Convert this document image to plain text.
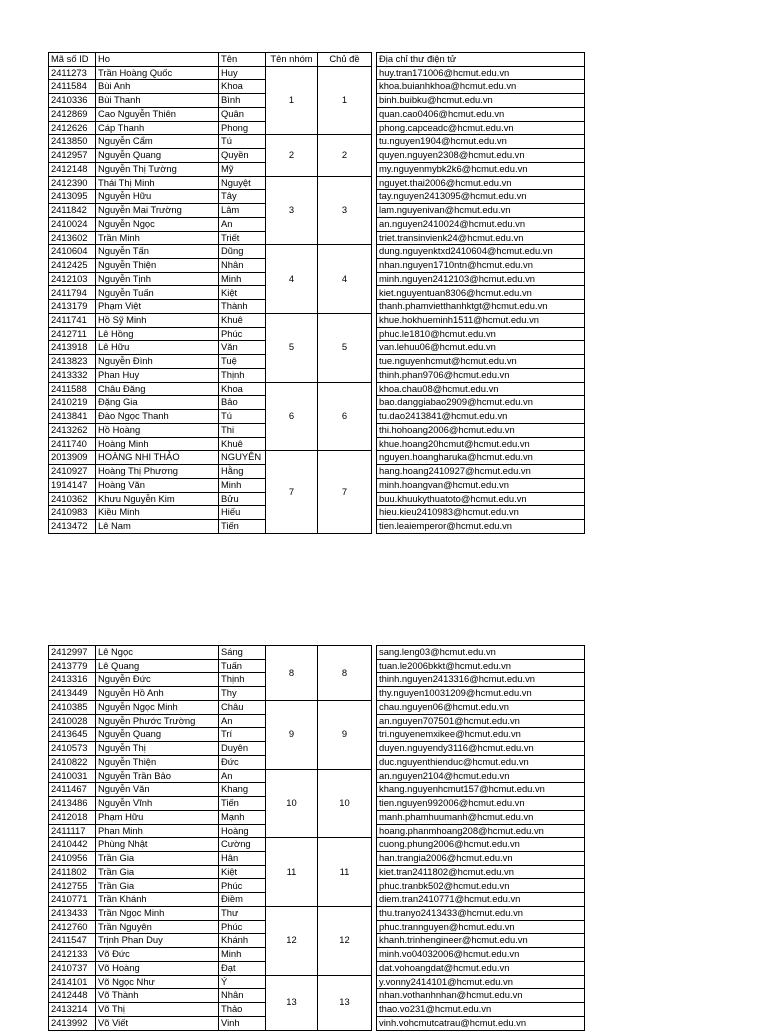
Mã số ID	Ho	Tên	Tên nhóm	Chủ đề		Địa chỉ thư điện tử
2411273	Trần Hoàng Quốc	Huy	1	1		huy.tran171006@hcmut.edu.vn
2411584	Bùi Anh	Khoa				khoa.buianhkhoa@hcmut.edu.vn
2410336	Bùi Thanh	Bình				binh.buibku@hcmut.edu.vn
2412869	Cao Nguyễn Thiên	Quân				quan.cao0406@hcmut.edu.vn
2412626	Cáp Thanh	Phong				phong.capceadc@hcmut.edu.vn
2413850	Nguyễn Cẩm	Tú	2	2		tu.nguyen1904@hcmut.edu.vn
2412957	Nguyễn Quang	Quyền				quyen.nguyen2308@hcmut.edu.vn
2412148	Nguyễn Thị Tường	Mỹ				my.nguyenmybk2k6@hcmut.edu.vn
2412390	Thái Thị Minh	Nguyệt	3	3		nguyet.thai2006@hcmut.edu.vn
2413095	Nguyễn Hữu	Tây				tay.nguyen2413095@hcmut.edu.vn
2411842	Nguyễn Mai Trường	Lâm				lam.nguyenivan@hcmut.edu.vn
2410024	Nguyễn Ngọc	An				an.nguyen2410024@hcmut.edu.vn
2413602	Trần Minh	Triết				triet.transinvienk24@hcmut.edu.vn
2410604	Nguyễn Tấn	Dũng	4	4		dung.nguyenktxd2410604@hcmut.edu.vn
2412425	Nguyễn Thiện	Nhân				nhan.nguyen1710ntn@hcmut.edu.vn
2412103	Nguyễn Tịnh	Minh				minh.nguyen2412103@hcmut.edu.vn
2411794	Nguyễn Tuấn	Kiệt				kiet.nguyentuan8306@hcmut.edu.vn
2413179	Phạm Việt	Thành				thanh.phamvietthanhktgt@hcmut.edu.vn
2411741	Hồ Sỹ Minh	Khuê	5	5		khue.hokhueminh1511@hcmut.edu.vn
2412711	Lê Hồng	Phúc				phuc.le1810@hcmut.edu.vn
2413918	Lê Hữu	Văn				van.lehuu06@hcmut.edu.vn
2413823	Nguyễn Đình	Tuệ				tue.nguyenhcmut@hcmut.edu.vn
2413332	Phan Huy	Thịnh				thinh.phan9706@hcmut.edu.vn
2411588	Châu Đăng	Khoa	6	6		khoa.chau08@hcmut.edu.vn
2410219	Đặng Gia	Bảo				bao.danggiabao2909@hcmut.edu.vn
2413841	Đào Ngọc Thanh	Tú				tu.dao2413841@hcmut.edu.vn
2413262	Hồ Hoàng	Thi				thi.hohoang2006@hcmut.edu.vn
2411740	Hoàng Minh	Khuê				khue.hoang20hcmut@hcmut.edu.vn
2013909	HOÀNG NHI THẢO	NGUYÊN	7	7		nguyen.hoangharuka@hcmut.edu.vn
2410927	Hoàng Thị Phương	Hằng				hang.hoang2410927@hcmut.edu.vn
1914147	Hoàng Văn	Minh				minh.hoangvan@hcmut.edu.vn
2410362	Khưu Nguyễn Kim	Bửu				buu.khuukythuatoto@hcmut.edu.vn
2410983	Kiều Minh	Hiếu				hieu.kieu2410983@hcmut.edu.vn
2413472	Lê Nam	Tiến				tien.leaiemperor@hcmut.edu.vn
2412997	Lê Ngọc	Sáng	8	8		sang.leng03@hcmut.edu.vn
2413779	Lê Quang	Tuấn				tuan.le2006bkkt@hcmut.edu.vn
2413316	Nguyễn Đức	Thịnh				thinh.nguyen2413316@hcmut.edu.vn
2413449	Nguyễn Hồ Anh	Thy				thy.nguyen10031209@hcmut.edu.vn
2410385	Nguyễn Ngọc Minh	Châu	9	9		chau.nguyen06@hcmut.edu.vn
2410028	Nguyễn Phước Trường	An				an.nguyen707501@hcmut.edu.vn
2413645	Nguyễn Quang	Trí				tri.nguyenemxikee@hcmut.edu.vn
2410573	Nguyễn Thị	Duyên				duyen.nguyendy3116@hcmut.edu.vn
2410822	Nguyễn Thiện	Đức				duc.nguyenthienduc@hcmut.edu.vn
2410031	Nguyễn Trần Bảo	An	10	10		an.nguyen2104@hcmut.edu.vn
2411467	Nguyễn Văn	Khang				khang.nguyenhcmut157@hcmut.edu.vn
2413486	Nguyễn Vĩnh	Tiến				tien.nguyen992006@hcmut.edu.vn
2412018	Phạm Hữu	Mạnh				manh.phamhuumanh@hcmut.edu.vn
2411117	Phan Minh	Hoàng				hoang.phanmhoang208@hcmut.edu.vn
2410442	Phùng Nhật	Cường	11	11		cuong.phung2006@hcmut.edu.vn
2410956	Trần Gia	Hân				han.trangia2006@hcmut.edu.vn
2411802	Trần Gia	Kiệt				kiet.tran2411802@hcmut.edu.vn
2412755	Trần Gia	Phúc				phuc.tranbk502@hcmut.edu.vn
2410771	Trần Khánh	Điềm				diem.tran2410771@hcmut.edu.vn
2413433	Trần Ngọc Minh	Thư	12	12		thu.tranyo2413433@hcmut.edu.vn
2412760	Trần Nguyên	Phúc				phuc.trannguyen@hcmut.edu.vn
2411547	Trịnh Phan Duy	Khánh				khanh.trinhengineer@hcmut.edu.vn
2412133	Võ Đức	Minh				minh.vo04032006@hcmut.edu.vn
2410737	Võ Hoàng	Đạt				dat.vohoangdat@hcmut.edu.vn
2414101	Võ Ngọc Như	Ý	13	13		y.vonny2414101@hcmut.edu.vn
2412448	Võ Thành	Nhân				nhan.vothanhnhan@hcmut.edu.vn
2413214	Võ Thị	Thảo				thao.vo231@hcmut.edu.vn
2413992	Võ Viết	Vinh				vinh.vohcmutcatrau@hcmut.edu.vn
